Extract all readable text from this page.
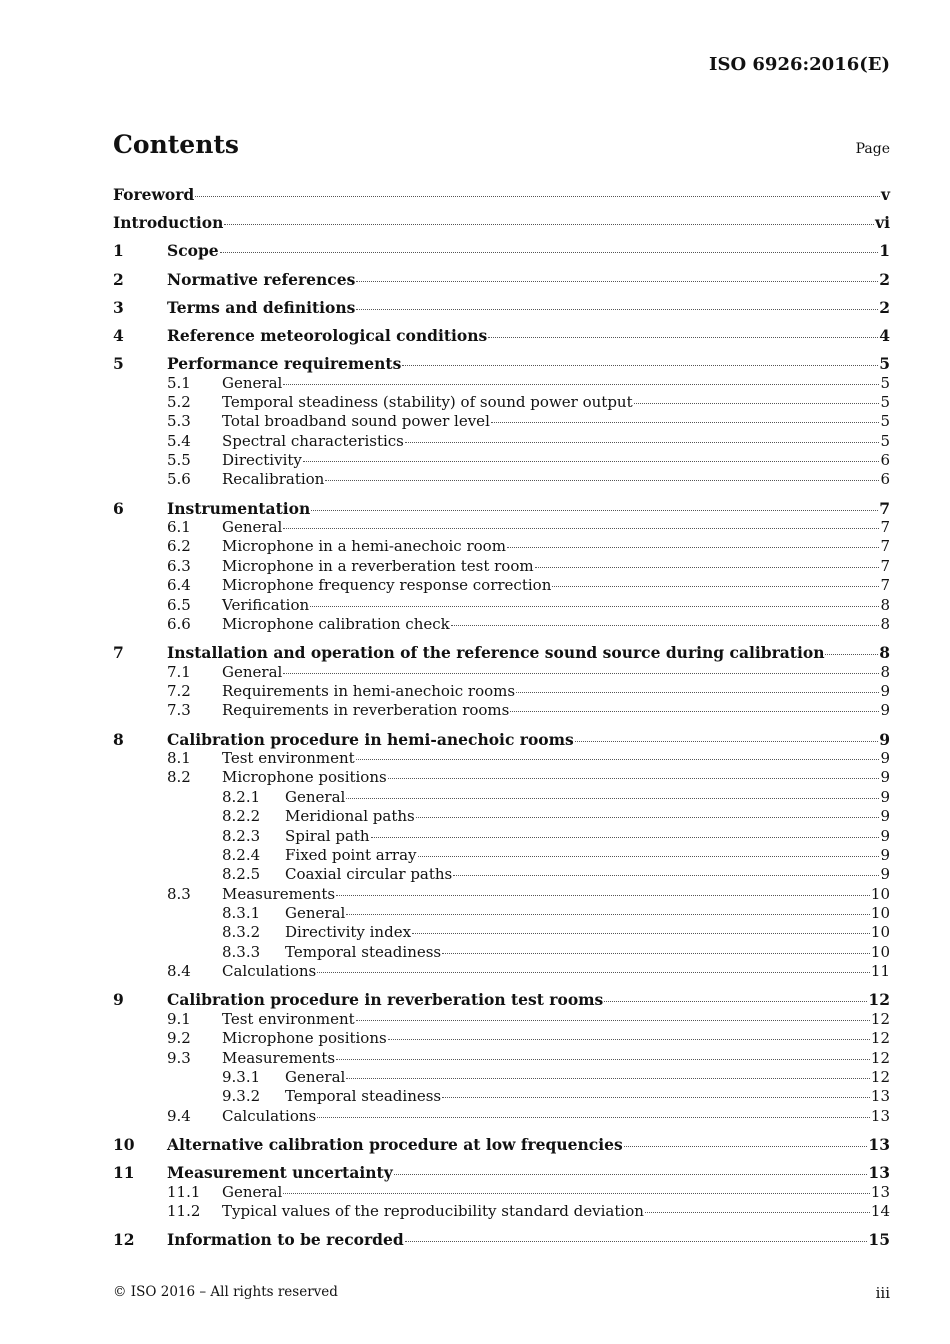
ISO 6926:2016(E)
Contents	Page
Foreword	v
Introduction	vi
1	Scope	1
2	Normative references	2
3	Terms and definitions	2
4	Reference meteorological conditions	4
5	Performance requirements	5
5.1	General	5
5.2	Temporal steadiness (stability) of sound power output	5
5.3	Total broadband sound power level	5
5.4	Spectral characteristics	5
5.5	Directivity	6
5.6	Recalibration	6
6	Instrumentation	7
6.1	General	7
6.2	Microphone in a hemi-anechoic room	7
6.3	Microphone in a reverberation test room	7
6.4	Microphone frequency response correction	7
6.5	Verification	8
6.6	Microphone calibration check	8
7	Installation and operation of the reference sound source during calibration	8
7.1	General	8
7.2	Requirements in hemi-anechoic rooms	9
7.3	Requirements in reverberation rooms	9
8	Calibration procedure in hemi-anechoic rooms	9
8.1	Test environment	9
8.2	Microphone positions	9
8.2.1	General	9
8.2.2	Meridional paths	9
8.2.3	Spiral path	9
8.2.4	Fixed point array	9
8.2.5	Coaxial circular paths	9
8.3	Measurements	10
8.3.1	General	10
8.3.2	Directivity index	10
8.3.3	Temporal steadiness	10
8.4	Calculations	11
9	Calibration procedure in reverberation test rooms	12
9.1	Test environment	12
9.2	Microphone positions	12
9.3	Measurements	12
9.3.1	General	12
9.3.2	Temporal steadiness	13
9.4	Calculations	13
10	Alternative calibration procedure at low frequencies	13
11	Measurement uncertainty	13
11.1	General	13
11.2	Typical values of the reproducibility standard deviation	14
12	Information to be recorded	15
© ISO 2016 – All rights reserved	iii
